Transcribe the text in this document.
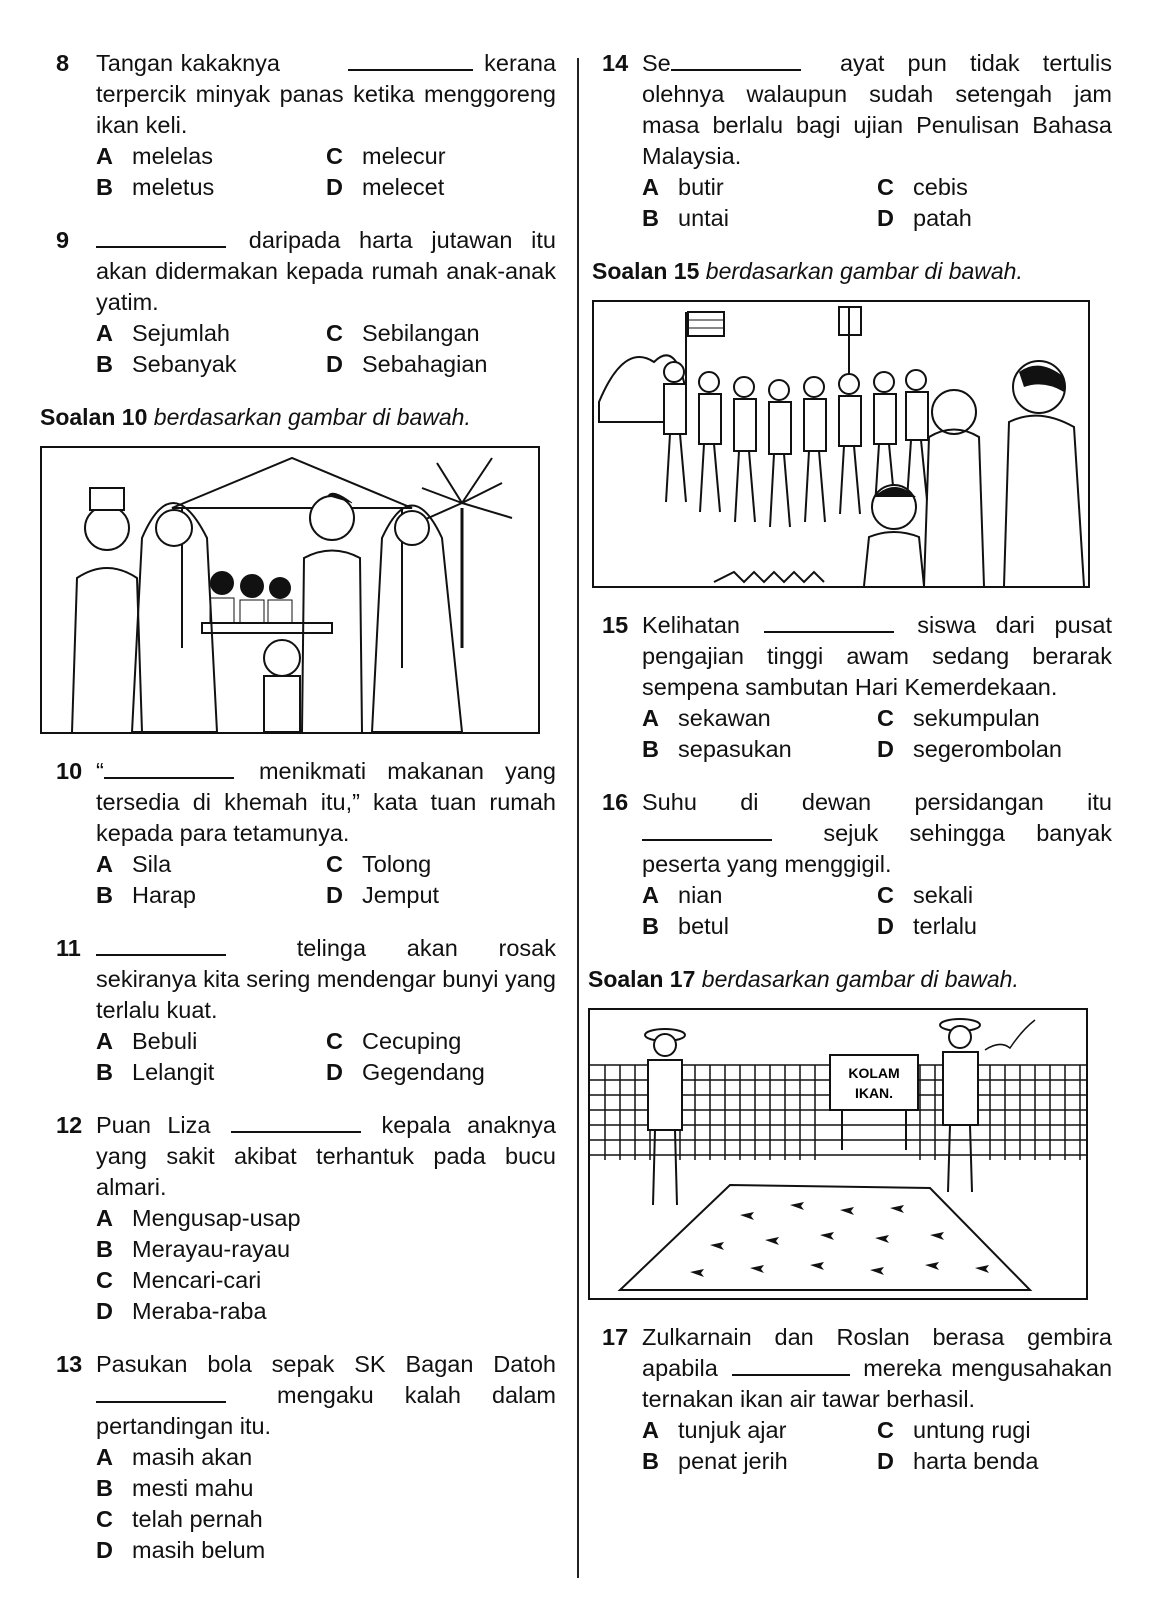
8 Tangan kakaknya	kerana terpercik minyak panas ketika menggoreng ikan keli.
A melelas	C melecur
B meletus	D melecet
9	daripada harta jutawan itu akan didermakan kepada rumah anak-anak yatim.
A Sejumlah	C Sebilangan
B Sebanyak	D Sebahagian
Soalan 10 berdasarkan gambar di bawah.
10 “	menikmati makanan yang tersedia di khemah itu,” kata tuan rumah kepada para tetamunya.
A Sila	C Tolong
B Harap	D Jemput
11	telinga akan rosak sekiranya kita sering mendengar bunyi yang terlalu kuat.
A Bebuli	C Cecuping
B Lelangit	D Gegendang
12 Puan Liza	kepala anaknya yang sakit akibat terhantuk pada bucu almari.
A Mengusap-usap
B Merayau-rayau
C Mencari-cari
D Meraba-raba
13 Pasukan bola sepak SK Bagan Datoh  mengaku kalah dalam pertandingan itu.
A masih akan
B mesti mahu
C telah pernah
D masih belum
14 Se	ayat pun tidak tertulis olehnya walaupun sudah setengah jam masa berlalu bagi ujian Penulisan Bahasa Malaysia.
A butir	C cebis
B untai	D patah
Soalan 15 berdasarkan gambar di bawah.
15 Kelihatan	siswa dari pusat pengajian tinggi awam sedang berarak sempena sambutan Hari Kemerdekaan.
A sekawan	C sekumpulan
B sepasukan	D segerombolan
16 Suhu di dewan persidangan itu  sejuk sehingga banyak peserta yang menggigil.
A nian	C sekali
B betul	D terlalu
Soalan 17 berdasarkan gambar di bawah.
KOLAM
IKAN.
17 Zulkarnain dan Roslan berasa gembira apabila	mereka mengusahakan ternakan ikan air tawar berhasil.
A tunjuk ajar	C untung rugi
B penat jerih	D harta benda
